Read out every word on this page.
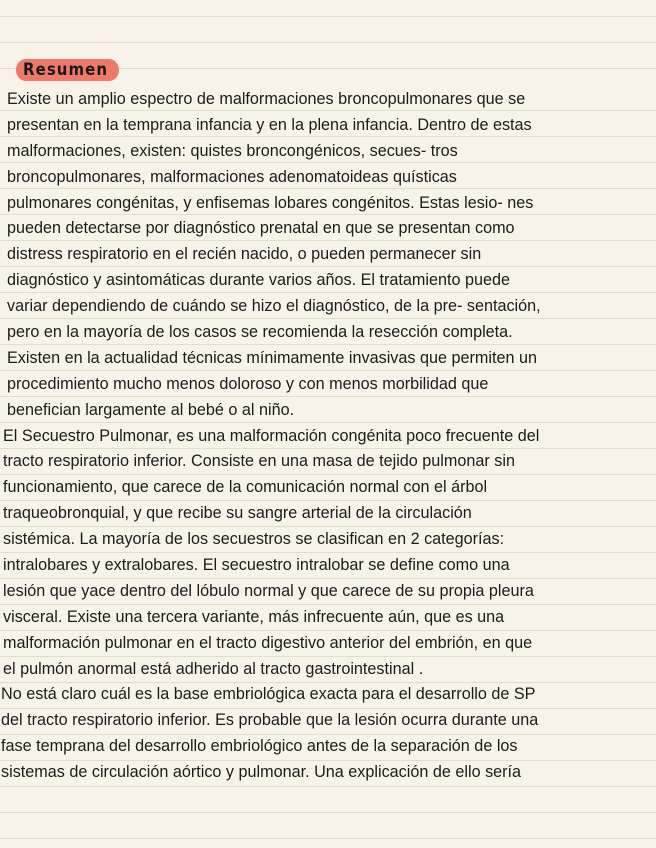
Resumen
Existe un amplio espectro de malformaciones broncopulmonares que se
presentan en la temprana infancia y en la plena infancia. Dentro de estas
malformaciones, existen: quistes broncongénicos, secues- tros
broncopulmonares, malformaciones adenomatoideas quísticas
pulmonares congénitas, y enfisemas lobares congénitos. Estas lesio- nes
pueden detectarse por diagnóstico prenatal en que se presentan como
distress respiratorio en el recién nacido, o pueden permanecer sin
diagnóstico y asintomáticas durante varios años. El tratamiento puede
variar dependiendo de cuándo se hizo el diagnóstico, de la pre- sentación,
pero en la mayoría de los casos se recomienda la resección completa.
Existen en la actualidad técnicas mínimamente invasivas que permiten un
procedimiento mucho menos doloroso y con menos morbilidad que
benefician largamente al bebé o al niño.
El Secuestro Pulmonar, es una malformación congénita poco frecuente del
tracto respiratorio inferior. Consiste en una masa de tejido pulmonar sin
funcionamiento, que carece de la comunicación normal con el árbol
traqueobronquial, y que recibe su sangre arterial de la circulación
sistémica. La mayoría de los secuestros se clasifican en 2 categorías:
intralobares y extralobares. El secuestro intralobar se define como una
lesión que yace dentro del lóbulo normal y que carece de su propia pleura
visceral. Existe una tercera variante, más infrecuente aún, que es una
malformación pulmonar en el tracto digestivo anterior del embrión, en que
el pulmón anormal está adherido al tracto gastrointestinal .
No está claro cuál es la base embriológica exacta para el desarrollo de SP
del tracto respiratorio inferior. Es probable que la lesión ocurra durante una
fase temprana del desarrollo embriológico antes de la separación de los
sistemas de circulación aórtico y pulmonar. Una explicación de ello sería
